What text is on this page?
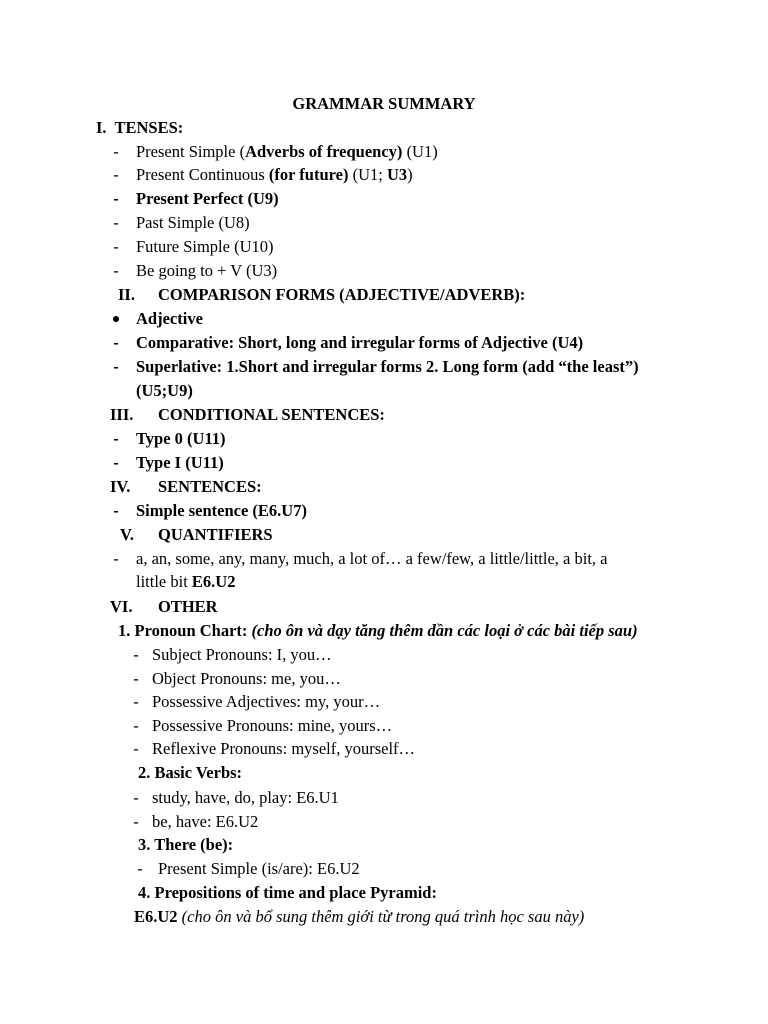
GRAMMAR SUMMARY
I. TENSES:
- Present Simple (Adverbs of frequency) (U1)
- Present Continuous (for future) (U1; U3)
- Present Perfect (U9)
- Past Simple (U8)
- Future Simple (U10)
- Be going to + V (U3)
II. COMPARISON FORMS (ADJECTIVE/ADVERB):
Adjective
- Comparative: Short, long and irregular forms of Adjective (U4)
- Superlative: 1.Short and irregular forms 2. Long form (add “the least”)
(U5;U9)
III. CONDITIONAL SENTENCES:
- Type 0 (U11)
- Type I (U11)
IV. SENTENCES:
- Simple sentence (E6.U7)
V. QUANTIFIERS
- a, an, some, any, many, much, a lot of… a few/few, a little/little, a bit, a
little bit E6.U2
VI. OTHER
1. Pronoun Chart: (cho ôn và dạy tăng thêm dần các loại ở các bài tiếp sau)
- Subject Pronouns: I, you…
- Object Pronouns: me, you…
- Possessive Adjectives: my, your…
- Possessive Pronouns: mine, yours…
- Reflexive Pronouns: myself, yourself…
2. Basic Verbs:
- study, have, do, play: E6.U1
- be, have: E6.U2
3. There (be):
- Present Simple (is/are): E6.U2
4. Prepositions of time and place Pyramid:
E6.U2 (cho ôn và bổ sung thêm giới từ trong quá trình học sau này)
